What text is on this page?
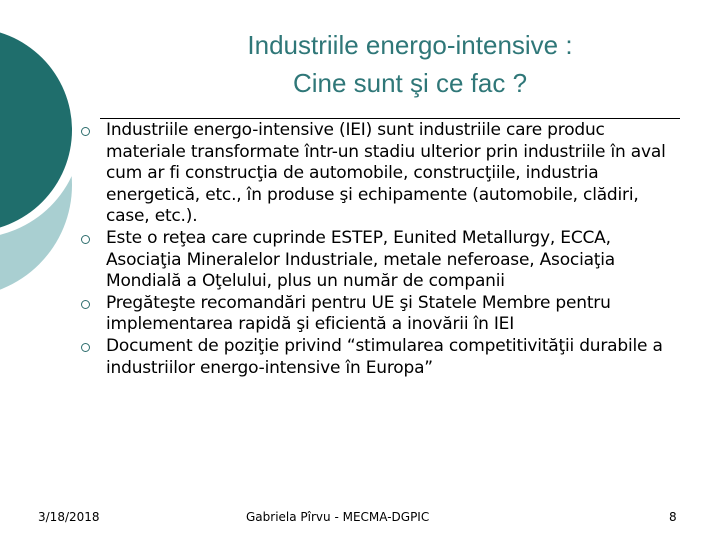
Industriile energo-intensive :
Cine sunt şi ce fac ?
Industriile energo-intensive (IEI) sunt industriile care produc materiale transformate într-un stadiu ulterior prin industriile în aval cum ar fi construcţia de automobile, construcţiile, industria energetică, etc., în produse şi echipamente (automobile, clădiri, case, etc.).
Este o reţea care cuprinde ESTEP, Eunited Metallurgy, ECCA, Asociaţia Mineralelor Industriale, metale neferoase, Asociaţia Mondială a Oţelului, plus un număr de companii
Pregăteşte recomandări pentru UE şi Statele Membre pentru implementarea rapidă şi eficientă a inovării în IEI
Document de poziţie privind “stimularea competitivităţii durabile a industriilor energo-intensive în Europa”
3/18/2018	Gabriela Pîrvu - MECMA-DGPIC	8
